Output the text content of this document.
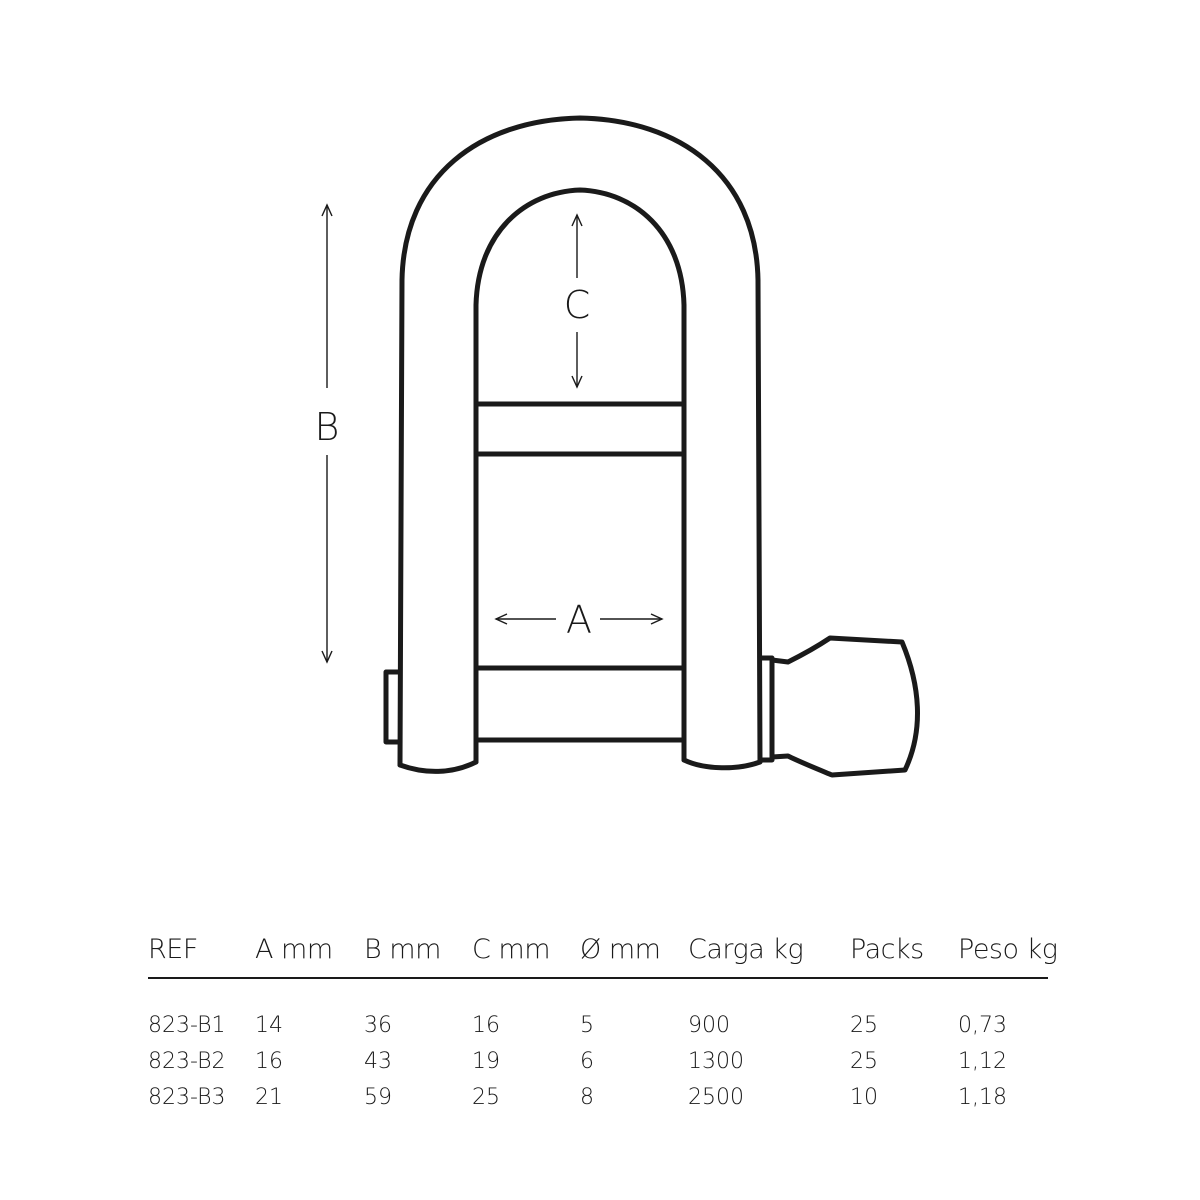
B
C
A
REF	A mm	B mm	C mm	Ø mm	Carga kg	Packs	Peso kg
823-B1	14	36	16	5	900	25	0,73
823-B2	16	43	19	6	1300	25	1,12
823-B3	21	59	25	8	2500	10	1,18
